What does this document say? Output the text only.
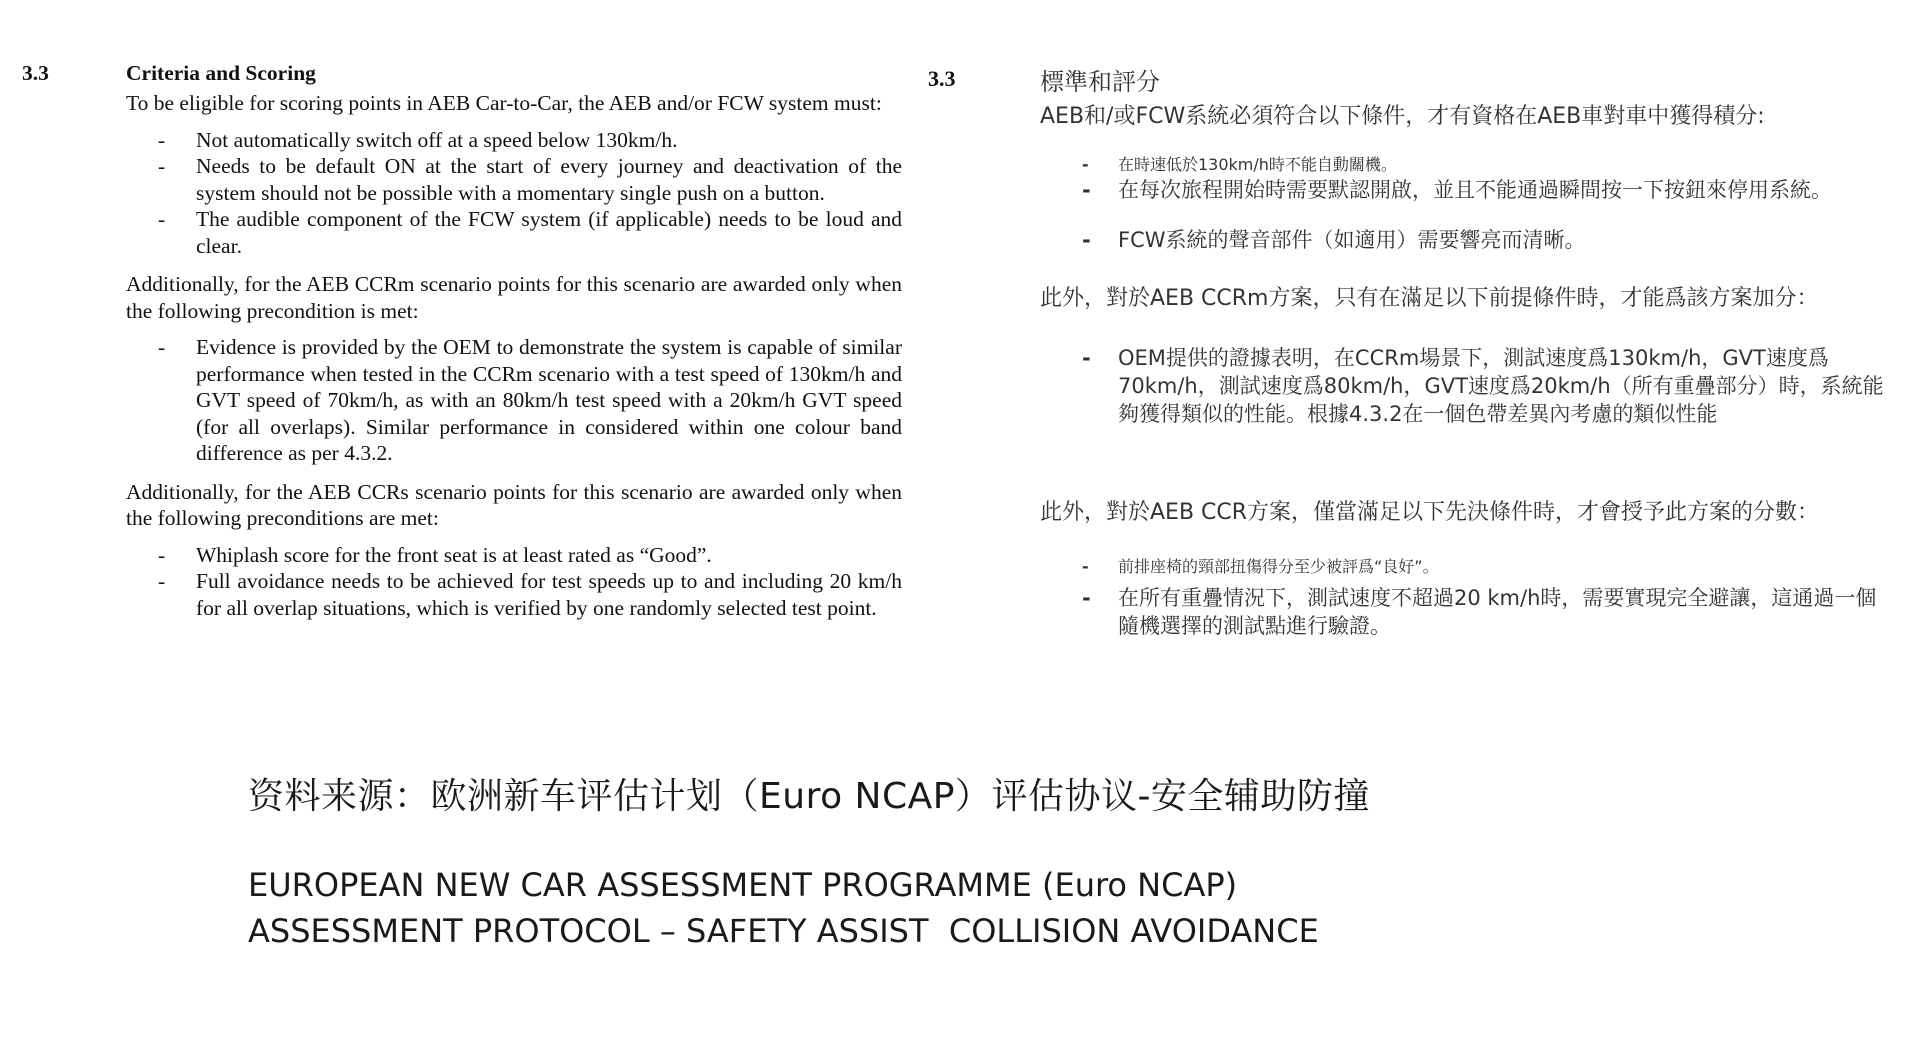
3.3	Criteria and Scoring
To be eligible for scoring points in AEB Car-to-Car, the AEB and/or FCW system must:
- Not automatically switch off at a speed below 130km/h.
- Needs to be default ON at the start of every journey and deactivation of the system should not be possible with a momentary single push on a button.
- The audible component of the FCW system (if applicable) needs to be loud and clear.
Additionally, for the AEB CCRm scenario points for this scenario are awarded only when the following precondition is met:
- Evidence is provided by the OEM to demonstrate the system is capable of similar performance when tested in the CCRm scenario with a test speed of 130km/h and GVT speed of 70km/h, as with an 80km/h test speed with a 20km/h GVT speed (for all overlaps). Similar performance in considered within one colour band difference as per 4.3.2.
Additionally, for the AEB CCRs scenario points for this scenario are awarded only when the following preconditions are met:
- Whiplash score for the front seat is at least rated as “Good”.
- Full avoidance needs to be achieved for test speeds up to and including 20 km/h for all overlap situations, which is verified by one randomly selected test point.
3.3	標準和評分
AEB和/或FCW系統必須符合以下條件，才有資格在AEB車對車中獲得積分:
- 在時速低於130km/h時不能自動關機。
- 在每次旅程開始時需要默認開啟，並且不能通過瞬間按一下按鈕來停用系統。
- FCW系統的聲音部件（如適用）需要響亮而清晰。
此外，對於AEB CCRm方案，只有在滿足以下前提條件時，才能爲該方案加分：
- OEM提供的證據表明，在CCRm場景下，測試速度爲130km/h，GVT速度爲70km/h，測試速度爲80km/h，GVT速度爲20km/h（所有重疊部分）時，系統能夠獲得類似的性能。根據4.3.2在一個色帶差異內考慮的類似性能
此外，對於AEB CCR方案，僅當滿足以下先決條件時，才會授予此方案的分數：
- 前排座椅的頸部扭傷得分至少被評爲“良好”。
- 在所有重疊情況下，測試速度不超過20 km/h時，需要實現完全避讓，這通過一個隨機選擇的測試點進行驗證。
资料来源：欧洲新车评估计划（Euro NCAP）评估协议-安全辅助防撞
EUROPEAN NEW CAR ASSESSMENT PROGRAMME (Euro NCAP)
ASSESSMENT PROTOCOL – SAFETY ASSIST  COLLISION AVOIDANCE
